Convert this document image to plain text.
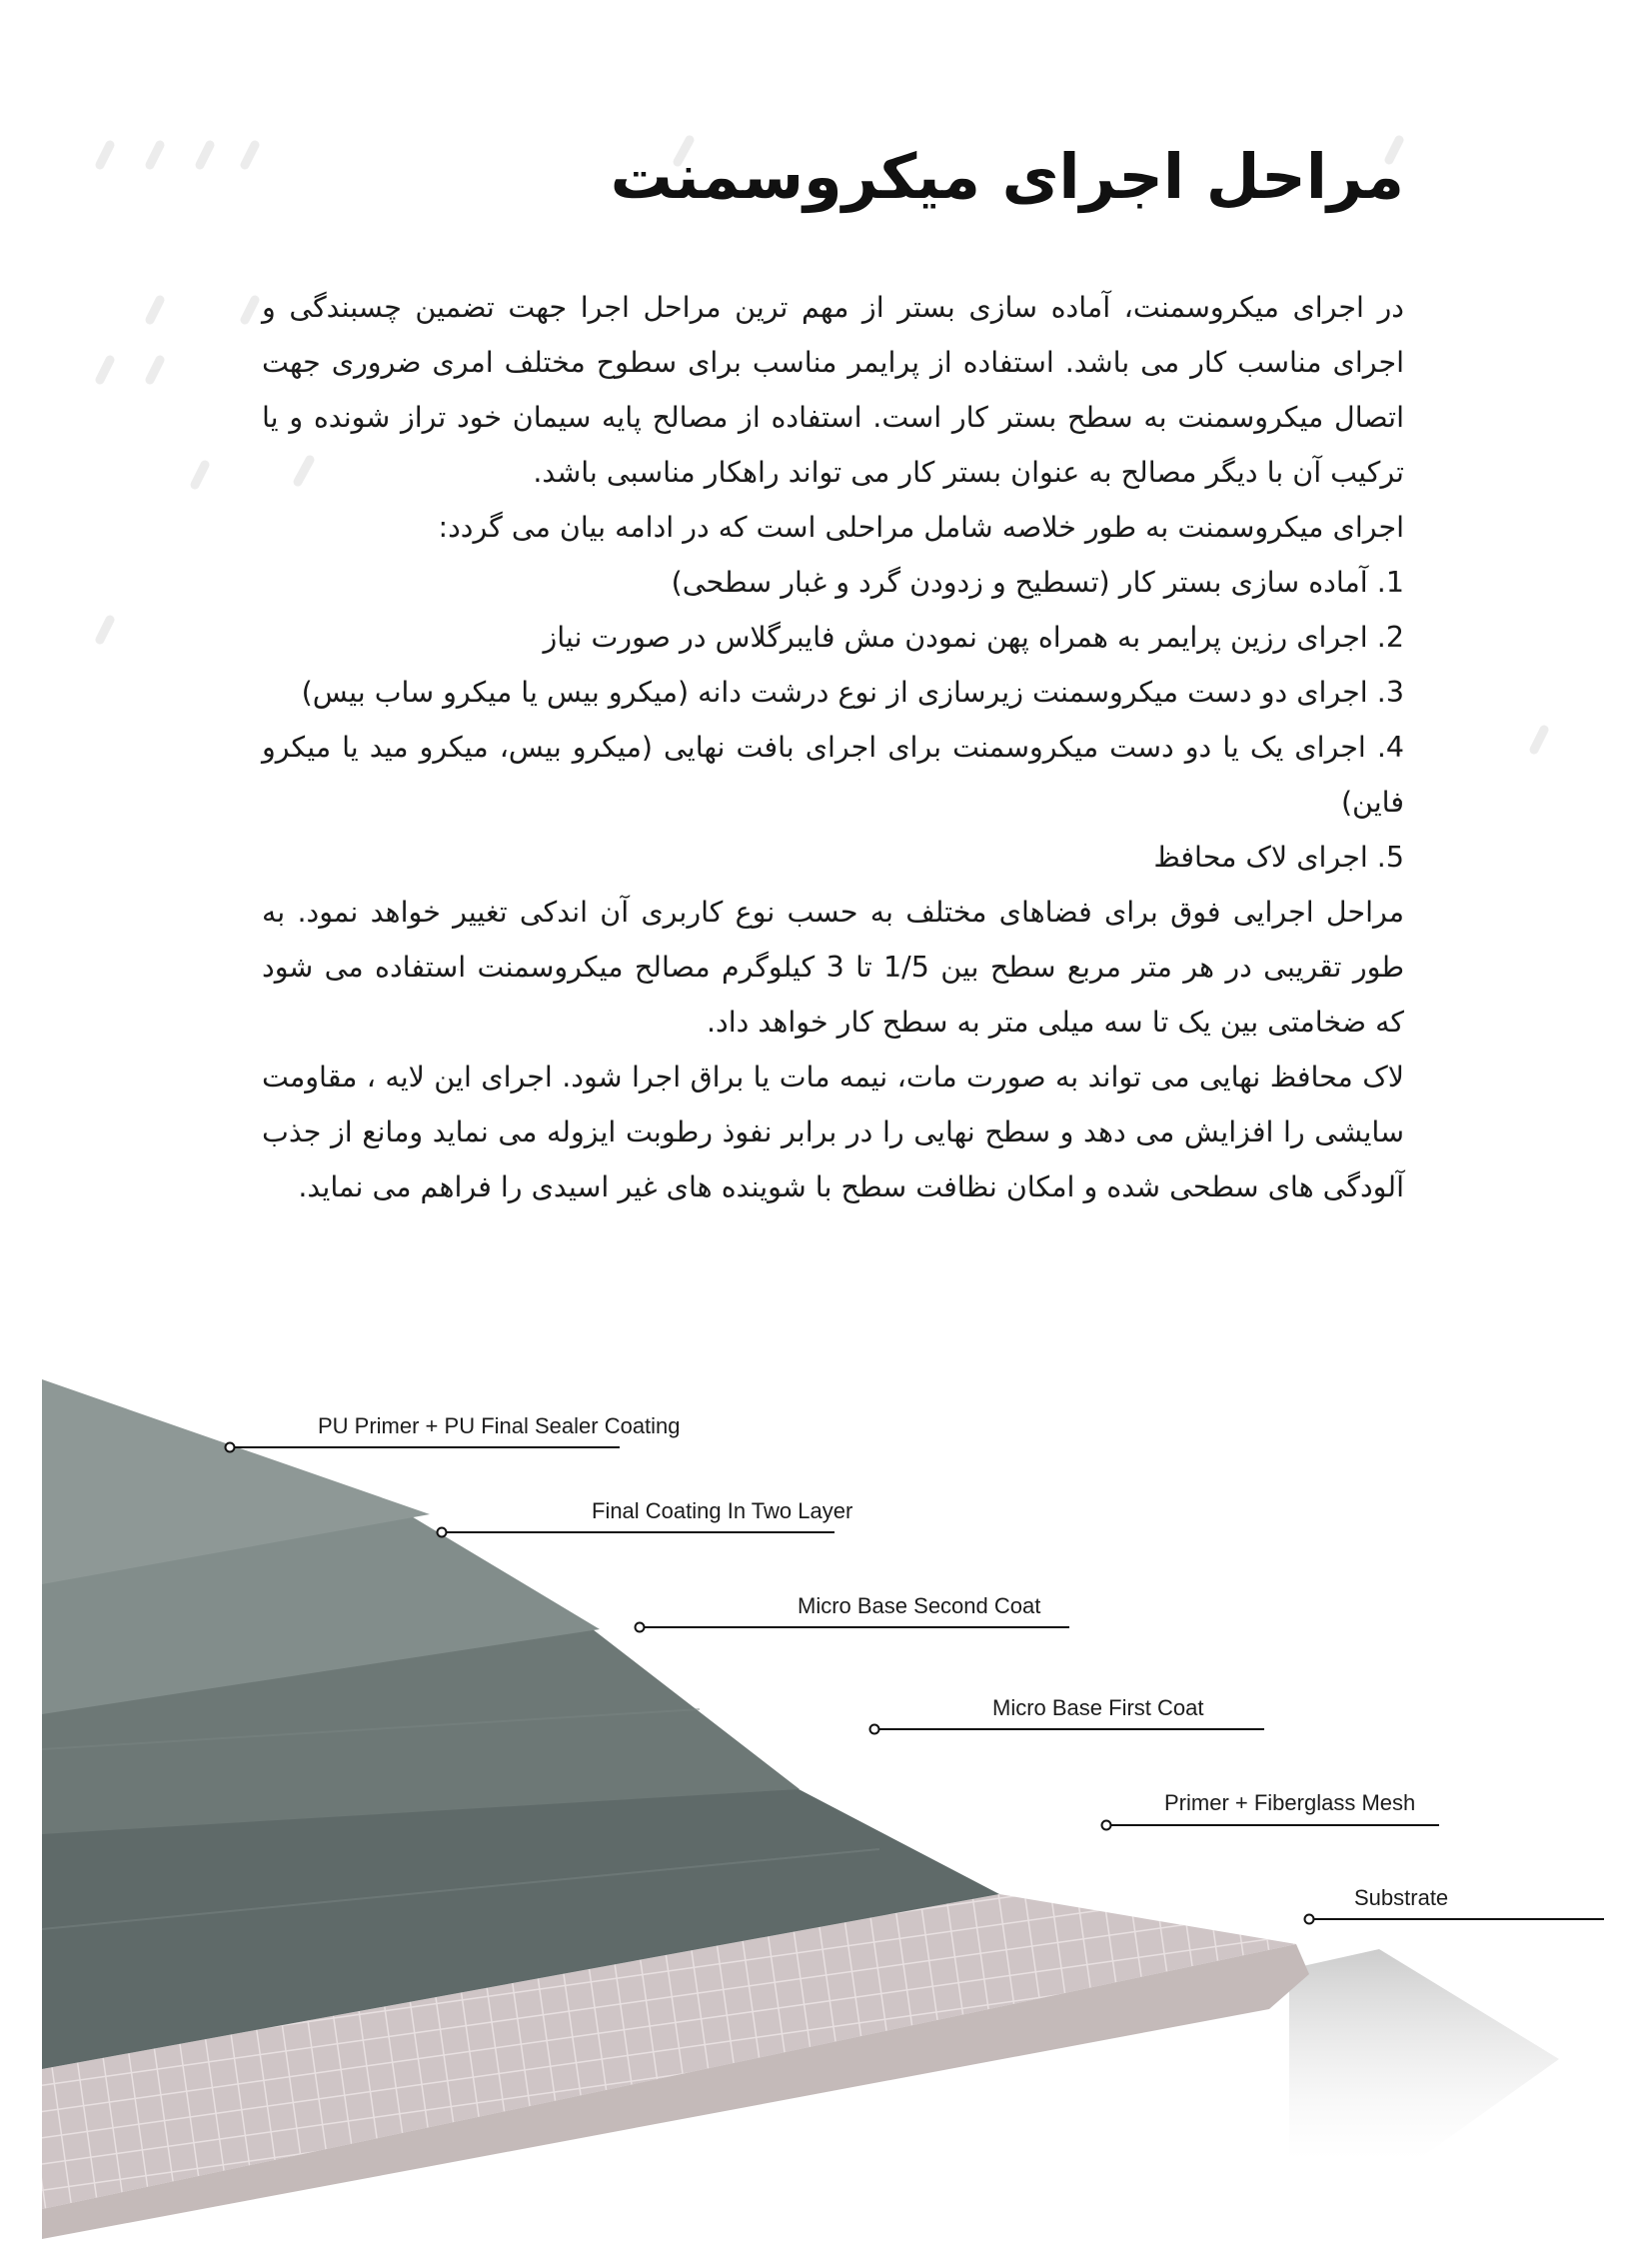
مراحل اجرای میکروسمنت

در اجرای میکروسمنت، آماده سازی بستر از مهم ترین مراحل اجرا جهت تضمین چسبندگی و اجرای مناسب کار می باشد. استفاده از پرایمر مناسب برای سطوح مختلف امری ضروری جهت اتصال میکروسمنت به سطح بستر کار است. استفاده از مصالح پایه سیمان خود تراز شونده و یا ترکیب آن با دیگر مصالح به عنوان بستر کار می تواند راهکار مناسبی باشد.

اجرای میکروسمنت به طور خلاصه شامل مراحلی است که در ادامه بیان می گردد:

1. آماده سازی بستر کار (تسطیح و زدودن گرد و غبار سطحی)
2. اجرای رزین پرایمر به همراه پهن نمودن مش فایبرگلاس در صورت نیاز
3. اجرای دو دست میکروسمنت زیرسازی از نوع درشت دانه (میکرو بیس یا میکرو ساب بیس)
4. اجرای یک یا دو دست میکروسمنت برای اجرای بافت نهایی (میکرو بیس، میکرو مید یا میکرو فاین)
5. اجرای لاک محافظ

مراحل اجرایی فوق برای فضاهای مختلف به حسب نوع کاربری آن اندکی تغییر خواهد نمود. به طور تقریبی در هر متر مربع سطح بین 1/5 تا 3 کیلوگرم مصالح میکروسمنت استفاده می شود که ضخامتی بین یک تا سه میلی متر به سطح کار خواهد داد.

لاک محافظ نهایی می تواند به صورت مات، نیمه مات یا براق اجرا شود. اجرای این لایه ، مقاومت سایشی را افزایش می دهد و سطح نهایی را در برابر نفوذ رطوبت ایزوله می نماید ومانع از جذب آلودگی های سطحی شده و امکان نظافت سطح با شوینده های غیر اسیدی را فراهم می نماید.

PU Primer + PU Final Sealer Coating
Final Coating In Two Layer
Micro Base Second Coat
Micro Base First Coat
Primer + Fiberglass Mesh
Substrate
